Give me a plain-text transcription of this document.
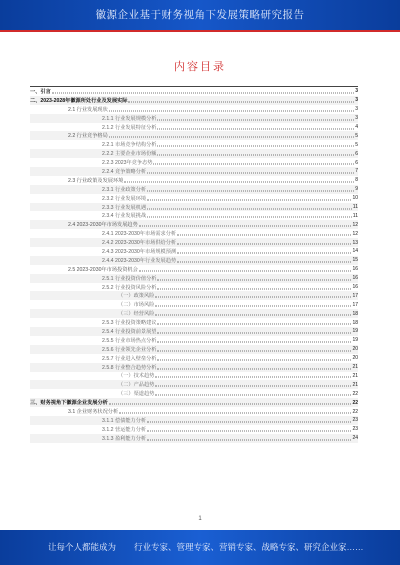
徽源企业基于财务视角下发展策略研究报告
内容目录
一、引言	3
二、2023-2028年徽源所处行业及发展实际	3
2.1 行业发展现状	3
2.1.1 行业发展规模分析	3
2.1.2 行业发展特征分析	4
2.2 行业竞争格局	5
2.2.1 市场竞争结构分析	5
2.2.2 主要企业市场份额	6
2.2.3 2023年竞争态势	6
2.2.4 竞争策略分析	7
2.3 行业政策及发展环境	8
2.3.1 行业政策分析	9
2.3.2 行业发展环境	10
2.3.3 行业发展机遇	11
2.3.4 行业发展挑战	11
2.4 2023-2030年市场发展趋势	12
2.4.1 2023-2030年市场需求分析	12
2.4.2 2023-2030年市场供给分析	13
2.4.3 2023-2030年市场规模预测	14
2.4.4 2023-2030年行业发展趋势	15
2.5 2023-2030年市场投资机会	16
2.5.1 行业投资价值分析	16
2.5.2 行业投资风险分析	16
（一）政策风险	17
（二）市场风险	17
（三）经营风险	18
2.5.3 行业投资策略建议	18
2.5.4 行业投资前景展望	19
2.5.5 行业市场热点分析	19
2.5.6 行业领先企业分析	20
2.5.7 行业进入壁垒分析	20
2.5.8 行业整合趋势分析	21
（一）技术趋势	21
（二）产品趋势	21
（三）渠道趋势	22
三、财务视角下徽源企业发展分析	22
3.1 企业财务状况分析	22
3.1.1 偿债能力分析	23
3.1.2 营运能力分析	23
3.1.3 盈利能力分析	24
1
让每个人都能成为 行业专家、管理专家、营销专家、战略专家、研究企业家……
